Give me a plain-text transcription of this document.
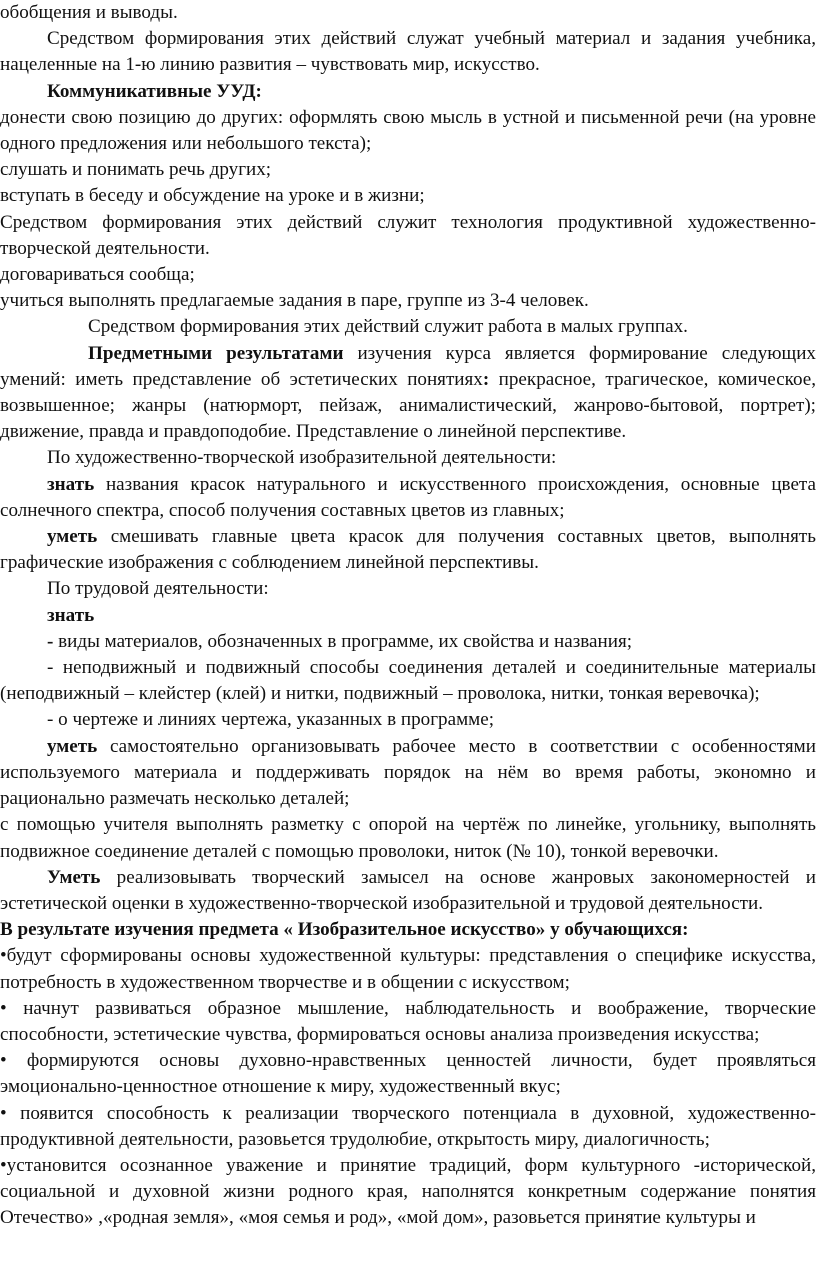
обобщения и выводы.

Средством формирования этих действий служат учебный материал и задания учебника, нацеленные на 1-ю линию развития – чувствовать мир, искусство.

Коммуникативные УУД:

донести свою позицию до других: оформлять свою мысль в устной и письменной речи (на уровне одного предложения или небольшого текста);

слушать и понимать речь других;

вступать в беседу и обсуждение на уроке и в жизни;

Средством формирования этих действий служит технология продуктивной художественно-творческой деятельности.

договариваться сообща;

учиться выполнять предлагаемые задания в паре, группе из 3-4 человек.

Средством формирования этих действий служит работа в малых группах.

Предметными результатами изучения курса является формирование следующих умений: иметь представление об эстетических понятиях: прекрасное, трагическое, комическое, возвышенное; жанры (натюрморт, пейзаж, анималистический, жанрово-бытовой, портрет); движение, правда и правдоподобие. Представление о линейной перспективе.

По художественно-творческой изобразительной деятельности:

знать названия красок натурального и искусственного происхождения, основные цвета солнечного спектра, способ получения составных цветов из главных;

уметь смешивать главные цвета красок для получения составных цветов, выполнять графические изображения с соблюдением линейной перспективы.

По трудовой деятельности:

знать

- виды материалов, обозначенных в программе, их свойства и названия;

- неподвижный и подвижный способы соединения деталей и соединительные материалы (неподвижный – клейстер (клей) и нитки, подвижный – проволока, нитки, тонкая веревочка);

- о чертеже и линиях чертежа, указанных в программе;

уметь самостоятельно организовывать рабочее место в соответствии с особенностями используемого материала и поддерживать порядок на нём во время работы, экономно и рационально размечать несколько деталей;

с помощью учителя выполнять разметку с опорой на чертёж по линейке, угольнику, выполнять подвижное соединение деталей с помощью проволоки, ниток (№ 10), тонкой веревочки.

Уметь реализовывать творческий замысел на основе жанровых закономерностей и эстетической оценки в художественно-творческой изобразительной и трудовой деятельности.

В результате изучения предмета « Изобразительное искусство» у обучающихся:

•будут сформированы основы художественной культуры: представления о специфике искусства, потребность в художественном творчестве и в общении с искусством;

• начнут развиваться образное мышление, наблюдательность и воображение, творческие способности, эстетические чувства, формироваться основы анализа произведения искусства;

• формируются основы духовно-нравственных ценностей личности, будет проявляться эмоционально-ценностное отношение к миру, художественный вкус;

• появится способность к реализации творческого потенциала в духовной, художественно-продуктивной деятельности, разовьется трудолюбие, открытость миру, диалогичность;

•установится осознанное уважение и принятие традиций, форм культурного -исторической, социальной и духовной жизни родного края, наполнятся конкретным содержание понятия Отечество» ,«родная земля», «моя семья и род», «мой дом», разовьется принятие культуры и
